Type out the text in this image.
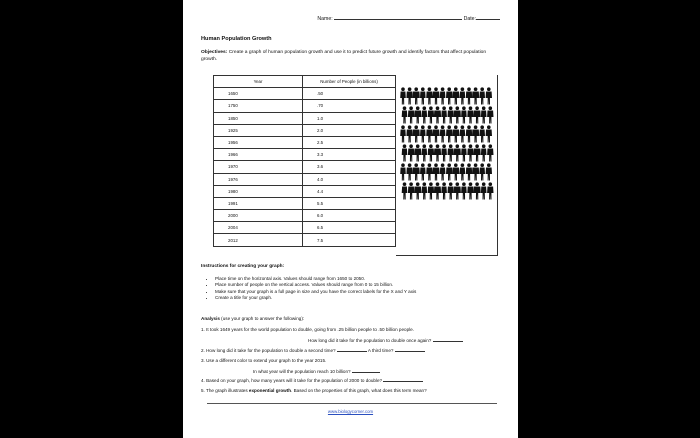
Name:	Date:
Human Population Growth
Objectives: Create a graph of human population growth and use it to predict future growth and identify factors that affect population growth.
Year	Number of People (in billions)
1650	.50
1750	.70
1850	1.0
1925	2.0
1956	2.5
1966	3.3
1970	3.6
1976	4.0
1980	4.4
1991	5.5
2000	6.0
2004	6.5
2012	7.5
Instructions for creating your graph:
• Place time on the horizontal axis. Values should range from 1650 to 2050.
• Place number of people on the vertical access. Values should range from 0 to 15 billion.
• Make sure that your graph is a full page in size and you have the correct labels for the X and Y axis
• Create a title for your graph.
Analysis (use your graph to answer the following):
1. It took 1649 years for the world population to double, going from .25 billion people to .50 billion people.
How long did it take for the population to double once again?
2. How long did it take for the population to double a second time?	A third time?
3. Use a different color to extend your graph to the year 2015.
In what year will the population reach 10 billion?
4. Based on your graph, how many years will it take for the population of 2000 to double?
5. The graph illustrates exponential growth. Based on the properties of this graph, what does this term mean?
www.biologycorner.com
